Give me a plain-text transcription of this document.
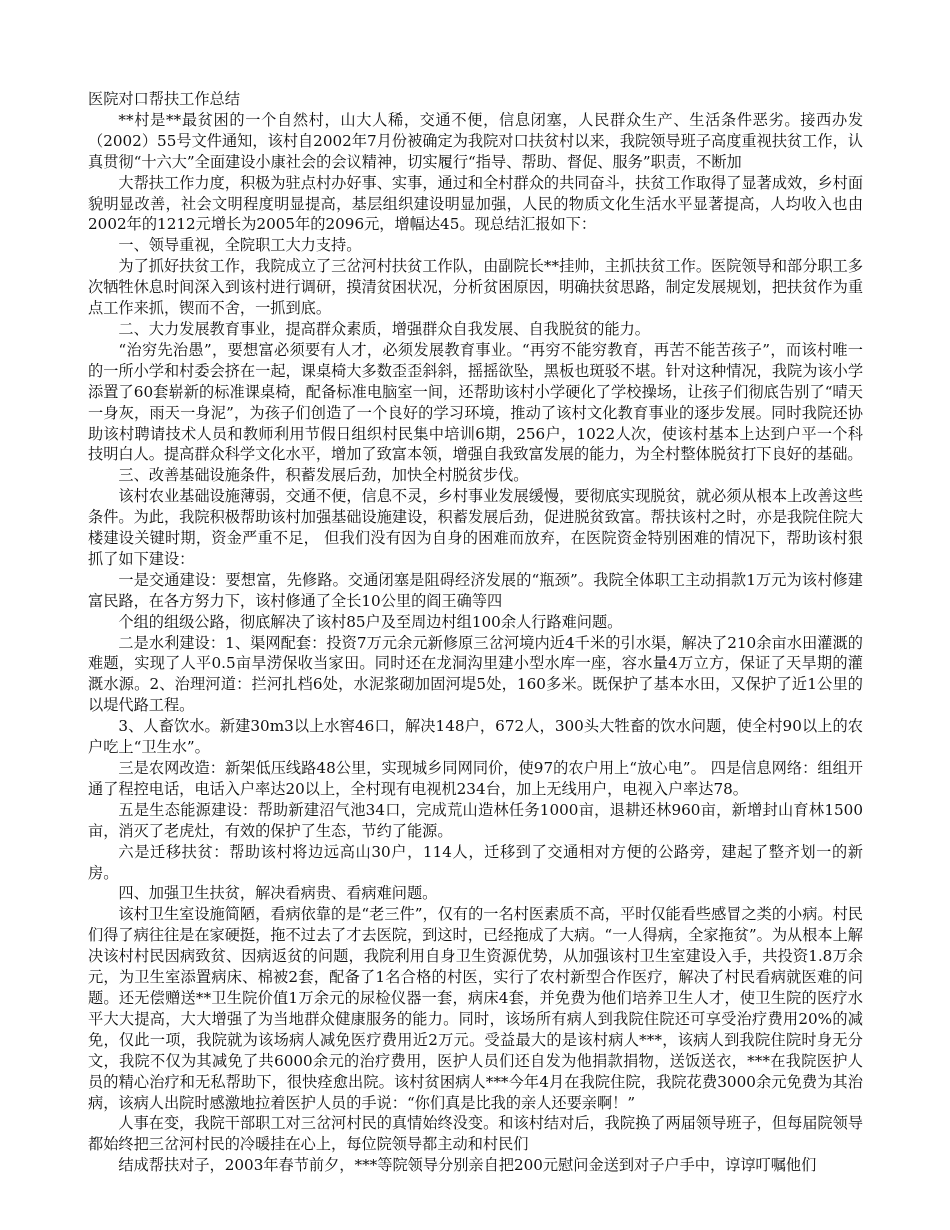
医院对口帮扶工作总结
**村是**最贫困的一个自然村，山大人稀，交通不便，信息闭塞，人民群众生产、生活条件恶劣。接西办发（2002）55号文件通知，该村自2002年7月份被确定为我院对口扶贫村以来，我院领导班子高度重视扶贫工作，认真贯彻“十六大”全面建设小康社会的会议精神，切实履行“指导、帮助、督促、服务”职责，不断加
大帮扶工作力度，积极为驻点村办好事、实事，通过和全村群众的共同奋斗，扶贫工作取得了显著成效，乡村面貌明显改善，社会文明程度明显提高，基层组织建设明显加强，人民的物质文化生活水平显著提高，人均收入也由2002年的1212元增长为2005年的2096元，增幅达45。现总结汇报如下：
一、领导重视，全院职工大力支持。
为了抓好扶贫工作，我院成立了三岔河村扶贫工作队，由副院长**挂帅，主抓扶贫工作。医院领导和部分职工多次牺牲休息时间深入到该村进行调研，摸清贫困状况，分析贫困原因，明确扶贫思路，制定发展规划，把扶贫作为重点工作来抓，锲而不舍，一抓到底。
二、大力发展教育事业，提高群众素质，增强群众自我发展、自我脱贫的能力。
“治穷先治愚”，要想富必须要有人才，必须发展教育事业。“再穷不能穷教育，再苦不能苦孩子”，而该村唯一的一所小学和村委会挤在一起，课桌椅大多数歪歪斜斜，摇摇欲坠，黑板也斑驳不堪。针对这种情况，我院为该小学添置了60套崭新的标准课桌椅，配备标准电脑室一间，还帮助该村小学硬化了学校操场，让孩子们彻底告别了“晴天一身灰，雨天一身泥”，为孩子们创造了一个良好的学习环境，推动了该村文化教育事业的逐步发展。同时我院还协助该村聘请技术人员和教师利用节假日组织村民集中培训6期，256户，1022人次，使该村基本上达到户平一个科技明白人。提高群众科学文化水平，增加了致富本领，增强自我致富发展的能力，为全村整体脱贫打下良好的基础。
三、改善基础设施条件，积蓄发展后劲，加快全村脱贫步伐。
该村农业基础设施薄弱，交通不便，信息不灵，乡村事业发展缓慢，要彻底实现脱贫，就必须从根本上改善这些条件。为此，我院积极帮助该村加强基础设施建设，积蓄发展后劲，促进脱贫致富。帮扶该村之时，亦是我院住院大楼建设关键时期，资金严重不足， 但我们没有因为自身的困难而放弃，在医院资金特别困难的情况下，帮助该村狠抓了如下建设：
一是交通建设：要想富，先修路。交通闭塞是阻碍经济发展的“瓶颈”。我院全体职工主动捐款1万元为该村修建富民路，在各方努力下，该村修通了全长10公里的阎王确等四
个组的组级公路，彻底解决了该村85户及至周边村组100余人行路难问题。
二是水利建设：1、渠网配套：投资7万元余元新修原三岔河境内近4千米的引水渠，解决了210余亩水田灌溉的难题，实现了人平0.5亩旱涝保收当家田。同时还在龙洞沟里建小型水库一座，容水量4万立方，保证了天旱期的灌溉水源。2、治理河道：拦河扎档6处，水泥浆砌加固河堤5处，160多米。既保护了基本水田，又保护了近1公里的以堤代路工程。
3、人畜饮水。新建30m3以上水窖46口，解决148户，672人，300头大牲畜的饮水问题，使全村90以上的农户吃上“卫生水”。
三是农网改造：新架低压线路48公里，实现城乡同网同价，使97的农户用上“放心电”。 四是信息网络：组组开通了程控电话，电话入户率达20以上，全村现有电视机234台，加上无线用户，电视入户率达78。
五是生态能源建设：帮助新建沼气池34口，完成荒山造林任务1000亩，退耕还林960亩，新增封山育林1500亩，消灭了老虎灶，有效的保护了生态，节约了能源。
六是迁移扶贫：帮助该村将边远高山30户，114人，迁移到了交通相对方便的公路旁，建起了整齐划一的新房。
四、加强卫生扶贫，解决看病贵、看病难问题。
该村卫生室设施简陋，看病依靠的是“老三件”，仅有的一名村医素质不高，平时仅能看些感冒之类的小病。村民们得了病往往是在家硬挺，拖不过去了才去医院，到这时，已经拖成了大病。“一人得病，全家拖贫”。为从根本上解决该村村民因病致贫、因病返贫的问题，我院利用自身卫生资源优势，从加强该村卫生室建设入手，共投资1.8万余元，为卫生室添置病床、棉被2套，配备了1名合格的村医，实行了农村新型合作医疗，解决了村民看病就医难的问题。还无偿赠送**卫生院价值1万余元的尿检仪器一套，病床4套，并免费为他们培养卫生人才，使卫生院的医疗水平大大提高，大大增强了为当地群众健康服务的能力。同时，该场所有病人到我院住院还可享受治疗费用20%的减免，仅此一项，我院就为该场病人减免医疗费用近2万元。受益最大的是该村病人***，该病人到我院住院时身无分文，我院不仅为其减免了共6000余元的治疗费用，医护人员们还自发为他捐款捐物，送饭送衣，***在我院医护人员的精心治疗和无私帮助下，很快痊愈出院。该村贫困病人***今年4月在我院住院，我院花费3000余元免费为其治病，该病人出院时感激地拉着医护人员的手说：“你们真是比我的亲人还要亲啊！”
人事在变，我院干部职工对三岔河村民的真情始终没变。和该村结对后，我院换了两届领导班子，但每届院领导都始终把三岔河村民的冷暖挂在心上，每位院领导都主动和村民们
结成帮扶对子，2003年春节前夕，***等院领导分别亲自把200元慰问金送到对子户手中，谆谆叮嘱他们
